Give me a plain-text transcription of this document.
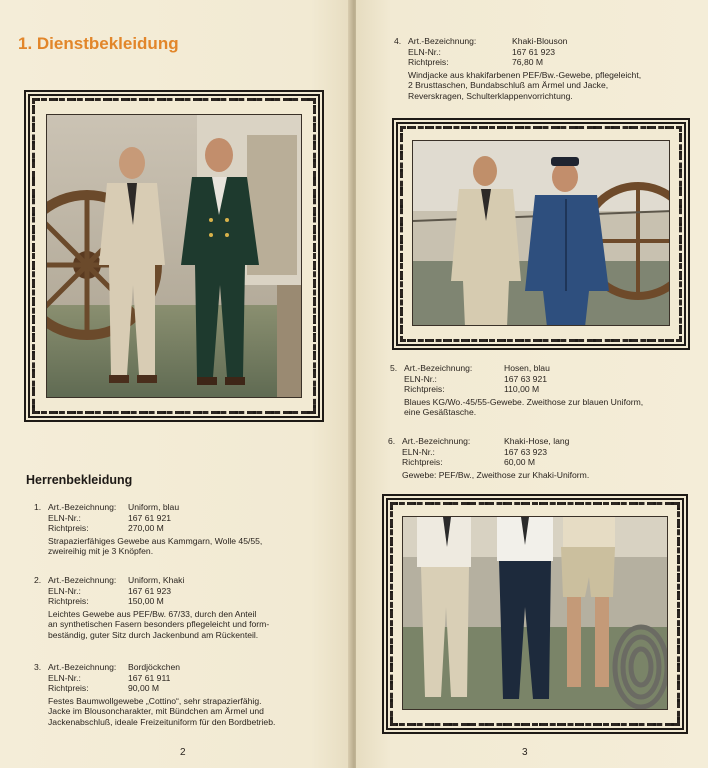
1. Dienstbekleidung
Herrenbekleidung
1. Art.-Bezeichnung:	Uniform, blau
ELN-Nr.:	167 61 921
Richtpreis:	270,00 M
Strapazierfähiges Gewebe aus Kammgarn, Wolle 45/55,
zweireihig mit je 3 Knöpfen.
2. Art.-Bezeichnung:	Uniform, Khaki
ELN-Nr.:	167 61 923
Richtpreis:	150,00 M
Leichtes Gewebe aus PEF/Bw. 67/33, durch den Anteil
an synthetischen Fasern besonders pflegeleicht und form-
beständig, guter Sitz durch Jackenbund am Rückenteil.
3. Art.-Bezeichnung:	Bordjöckchen
ELN-Nr.:	167 61 911
Richtpreis:	90,00 M
Festes Baumwollgewebe „Cottino“, sehr strapazierfähig.
Jacke im Blousoncharakter, mit Bündchen am Ärmel und
Jackenabschluß, ideale Freizeituniform für den Bordbetrieb.
2
4. Art.-Bezeichnung:	Khaki-Blouson
ELN-Nr.:	167 61 923
Richtpreis:	76,80 M
Windjacke aus khakifarbenen PEF/Bw.-Gewebe, pflegeleicht,
2 Brusttaschen, Bundabschluß am Ärmel und Jacke,
Reverskragen, Schulterklappenvorrichtung.
5. Art.-Bezeichnung:	Hosen, blau
ELN-Nr.:	167 63 921
Richtpreis:	110,00 M
Blaues KG/Wo.-45/55-Gewebe. Zweithose zur blauen Uniform,
eine Gesäßtasche.
6. Art.-Bezeichnung:	Khaki-Hose, lang
ELN-Nr.:	167 63 923
Richtpreis:	60,00 M
Gewebe: PEF/Bw., Zweithose zur Khaki-Uniform.
3
